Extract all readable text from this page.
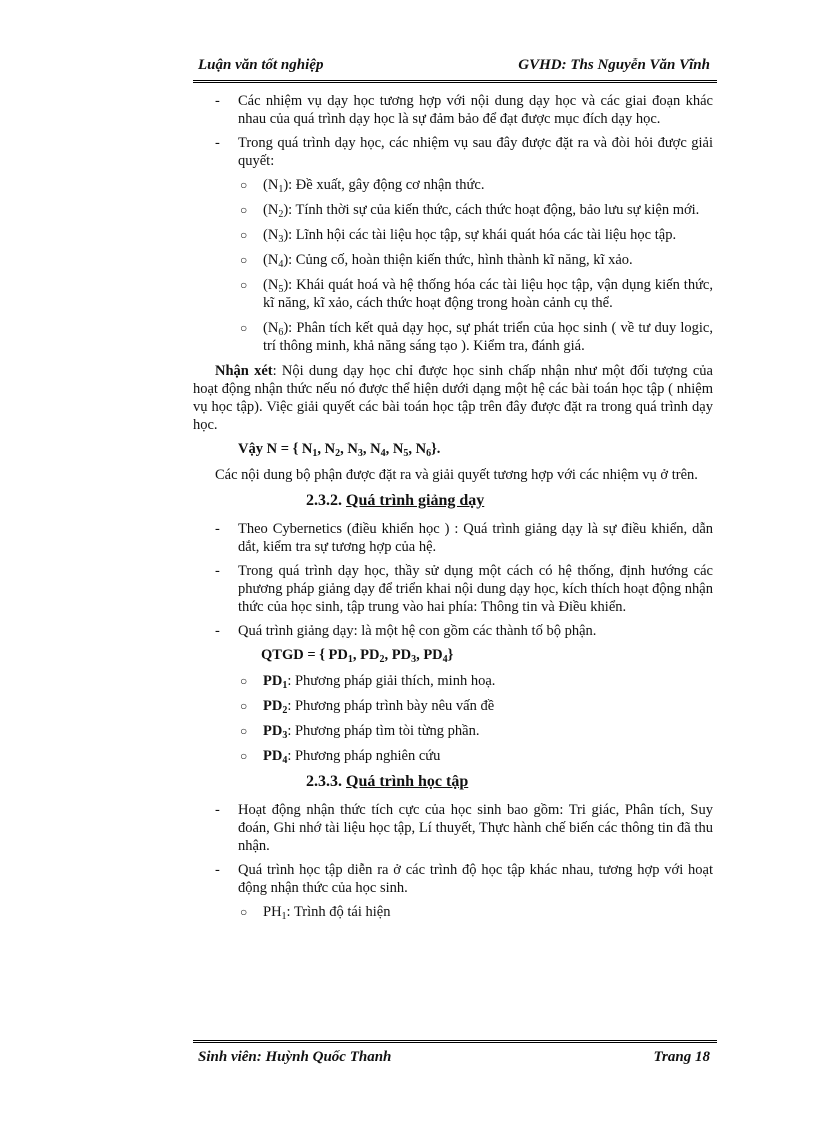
Luận văn tốt nghiệp	GVHD: Ths Nguyễn Văn Vĩnh
- Các nhiệm vụ dạy học tương hợp với nội dung dạy học và các giai đoạn khác nhau của quá trình dạy học là sự đảm bảo để đạt được mục đích dạy học.
- Trong quá trình dạy học, các nhiệm vụ sau đây được đặt ra và đòi hỏi được giải quyết:
○ $(N_1)$: Đề xuất, gây động cơ nhận thức.
○ $(N_2)$: Tính thời sự của kiến thức, cách thức hoạt động, bảo lưu sự kiện mới.
○ $(N_3)$: Lĩnh hội các tài liệu học tập, sự khái quát hóa các tài liệu học tập.
○ $(N_4)$: Củng cố, hoàn thiện kiến thức, hình thành kĩ năng, kĩ xảo.
○ $(N_5)$: Khái quát hoá và hệ thống hóa các tài liệu học tập, vận dụng kiến thức, kĩ năng, kĩ xảo, cách thức hoạt động trong hoàn cảnh cụ thể.
○ $(N_6)$: Phân tích kết quả dạy học, sự phát triển của học sinh ( về tư duy logic, trí thông minh, khả năng sáng tạo ). Kiểm tra, đánh giá.
Nhận xét: Nội dung dạy học chỉ được học sinh chấp nhận như một đối tượng của hoạt động nhận thức nếu nó được thể hiện dưới dạng một hệ các bài toán học tập ( nhiệm vụ học tập). Việc giải quyết các bài toán học tập trên đây được đặt ra trong quá trình dạy học.
Vậy N = { $N_1$, $N_2$, $N_3$, $N_4$, $N_5$, $N_6$}.
Các nội dung bộ phận được đặt ra và giải quyết tương hợp với các nhiệm vụ ở trên.
2.3.2. Quá trình giảng dạy
- Theo Cybernetics (điều khiển học ) : Quá trình giảng dạy là sự điều khiển, dẫn dắt, kiểm tra sự tương hợp của hệ.
- Trong quá trình dạy học, thầy sử dụng một cách có hệ thống, định hướng các phương pháp giảng dạy để triển khai nội dung dạy học, kích thích hoạt động nhận thức của học sinh, tập trung vào hai phía: Thông tin và Điều khiển.
- Quá trình giảng dạy: là một hệ con gồm các thành tố bộ phận.
QTGD = { $PD_1$, $PD_2$, $PD_3$, $PD_4$}
○ $PD_1$: Phương pháp giải thích, minh hoạ.
○ $PD_2$: Phương pháp trình bày nêu vấn đề
○ $PD_3$: Phương pháp tìm tòi từng phần.
○ $PD_4$: Phương pháp nghiên cứu
2.3.3. Quá trình học tập
- Hoạt động nhận thức tích cực của học sinh bao gồm: Tri giác, Phân tích, Suy đoán, Ghi nhớ tài liệu học tập, Lí thuyết, Thực hành chế biến các thông tin đã thu nhận.
- Quá trình học tập diễn ra ở các trình độ học tập khác nhau, tương hợp với hoạt động nhận thức của học sinh.
○ $PH_1$: Trình độ tái hiện
Sinh viên: Huỳnh Quốc Thanh	Trang 18
